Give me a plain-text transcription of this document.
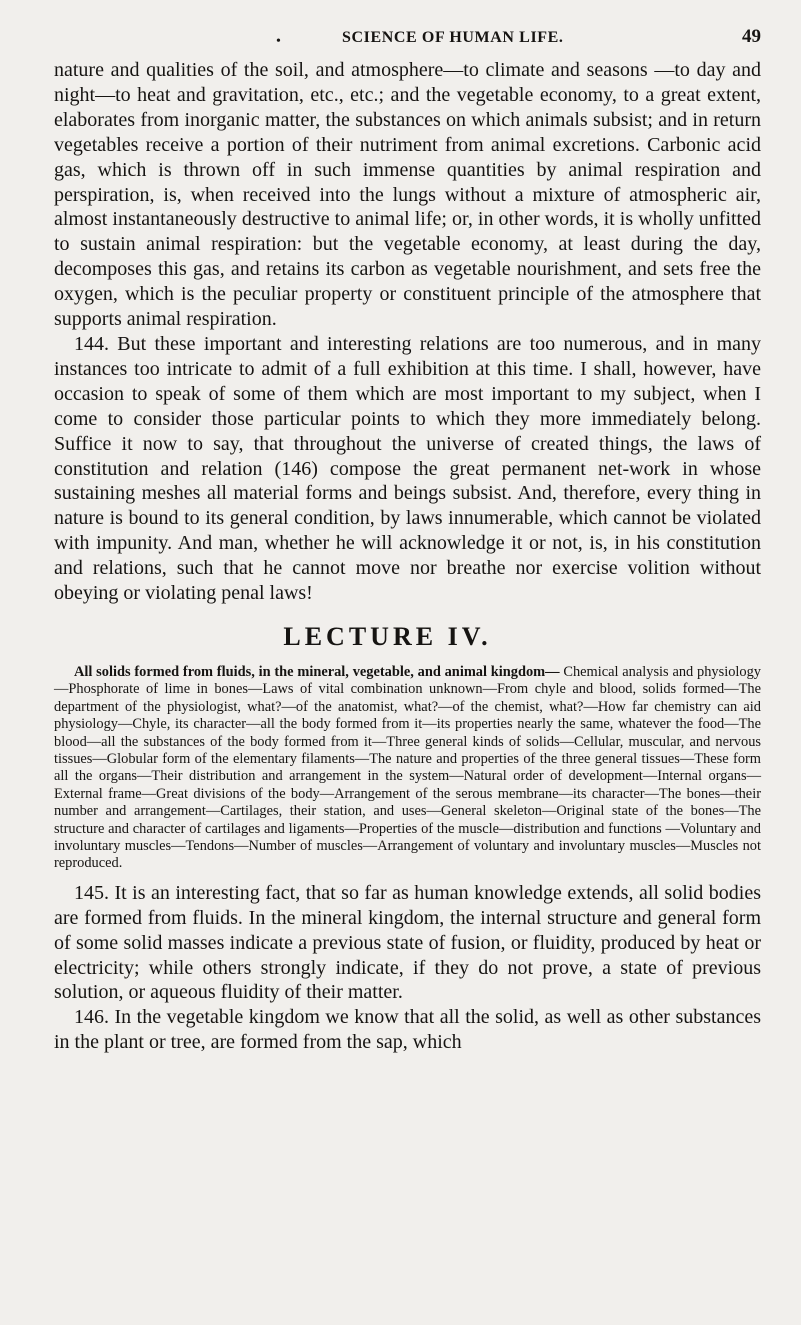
•	SCIENCE OF HUMAN LIFE.	49

nature and qualities of the soil, and atmosphere—to climate and seasons —to day and night—to heat and gravitation, etc., etc.; and the vegetable economy, to a great extent, elaborates from inorganic matter, the substances on which animals subsist; and in return vegetables receive a portion of their nutriment from animal excretions. Carbonic acid gas, which is thrown off in such immense quantities by animal respiration and perspiration, is, when received into the lungs without a mixture of atmospheric air, almost instantaneously destructive to animal life; or, in other words, it is wholly unfitted to sustain animal respiration: but the vegetable economy, at least during the day, decomposes this gas, and retains its carbon as vegetable nourishment, and sets free the oxygen, which is the peculiar property or constituent principle of the atmosphere that supports animal respiration.

144. But these important and interesting relations are too numerous, and in many instances too intricate to admit of a full exhibition at this time. I shall, however, have occasion to speak of some of them which are most important to my subject, when I come to consider those particular points to which they more immediately belong. Suffice it now to say, that throughout the universe of created things, the laws of constitution and relation (146) compose the great permanent net-work in whose sustaining meshes all material forms and beings subsist. And, therefore, every thing in nature is bound to its general condition, by laws innumerable, which cannot be violated with impunity. And man, whether he will acknowledge it or not, is, in his constitution and relations, such that he cannot move nor breathe nor exercise volition without obeying or violating penal laws!

LECTURE IV.

All solids formed from fluids, in the mineral, vegetable, and animal kingdom— Chemical analysis and physiology—Phosphorate of lime in bones—Laws of vital combination unknown—From chyle and blood, solids formed—The department of the physiologist, what?—of the anatomist, what?—of the chemist, what?—How far chemistry can aid physiology—Chyle, its character—all the body formed from it—its properties nearly the same, whatever the food—The blood—all the substances of the body formed from it—Three general kinds of solids—Cellular, muscular, and nervous tissues—Globular form of the elementary filaments—The nature and properties of the three general tissues—These form all the organs—Their distribution and arrangement in the system—Natural order of development—Internal organs—External frame—Great divisions of the body—Arrangement of the serous membrane—its character—The bones—their number and arrangement—Cartilages, their station, and uses—General skeleton—Original state of the bones—The structure and character of cartilages and ligaments—Properties of the muscle—distribution and functions —Voluntary and involuntary muscles—Tendons—Number of muscles—Arrangement of voluntary and involuntary muscles—Muscles not reproduced.

145. It is an interesting fact, that so far as human knowledge extends, all solid bodies are formed from fluids. In the mineral kingdom, the internal structure and general form of some solid masses indicate a previous state of fusion, or fluidity, produced by heat or electricity; while others strongly indicate, if they do not prove, a state of previous solution, or aqueous fluidity of their matter.

146. In the vegetable kingdom we know that all the solid, as well as other substances in the plant or tree, are formed from the sap, which
